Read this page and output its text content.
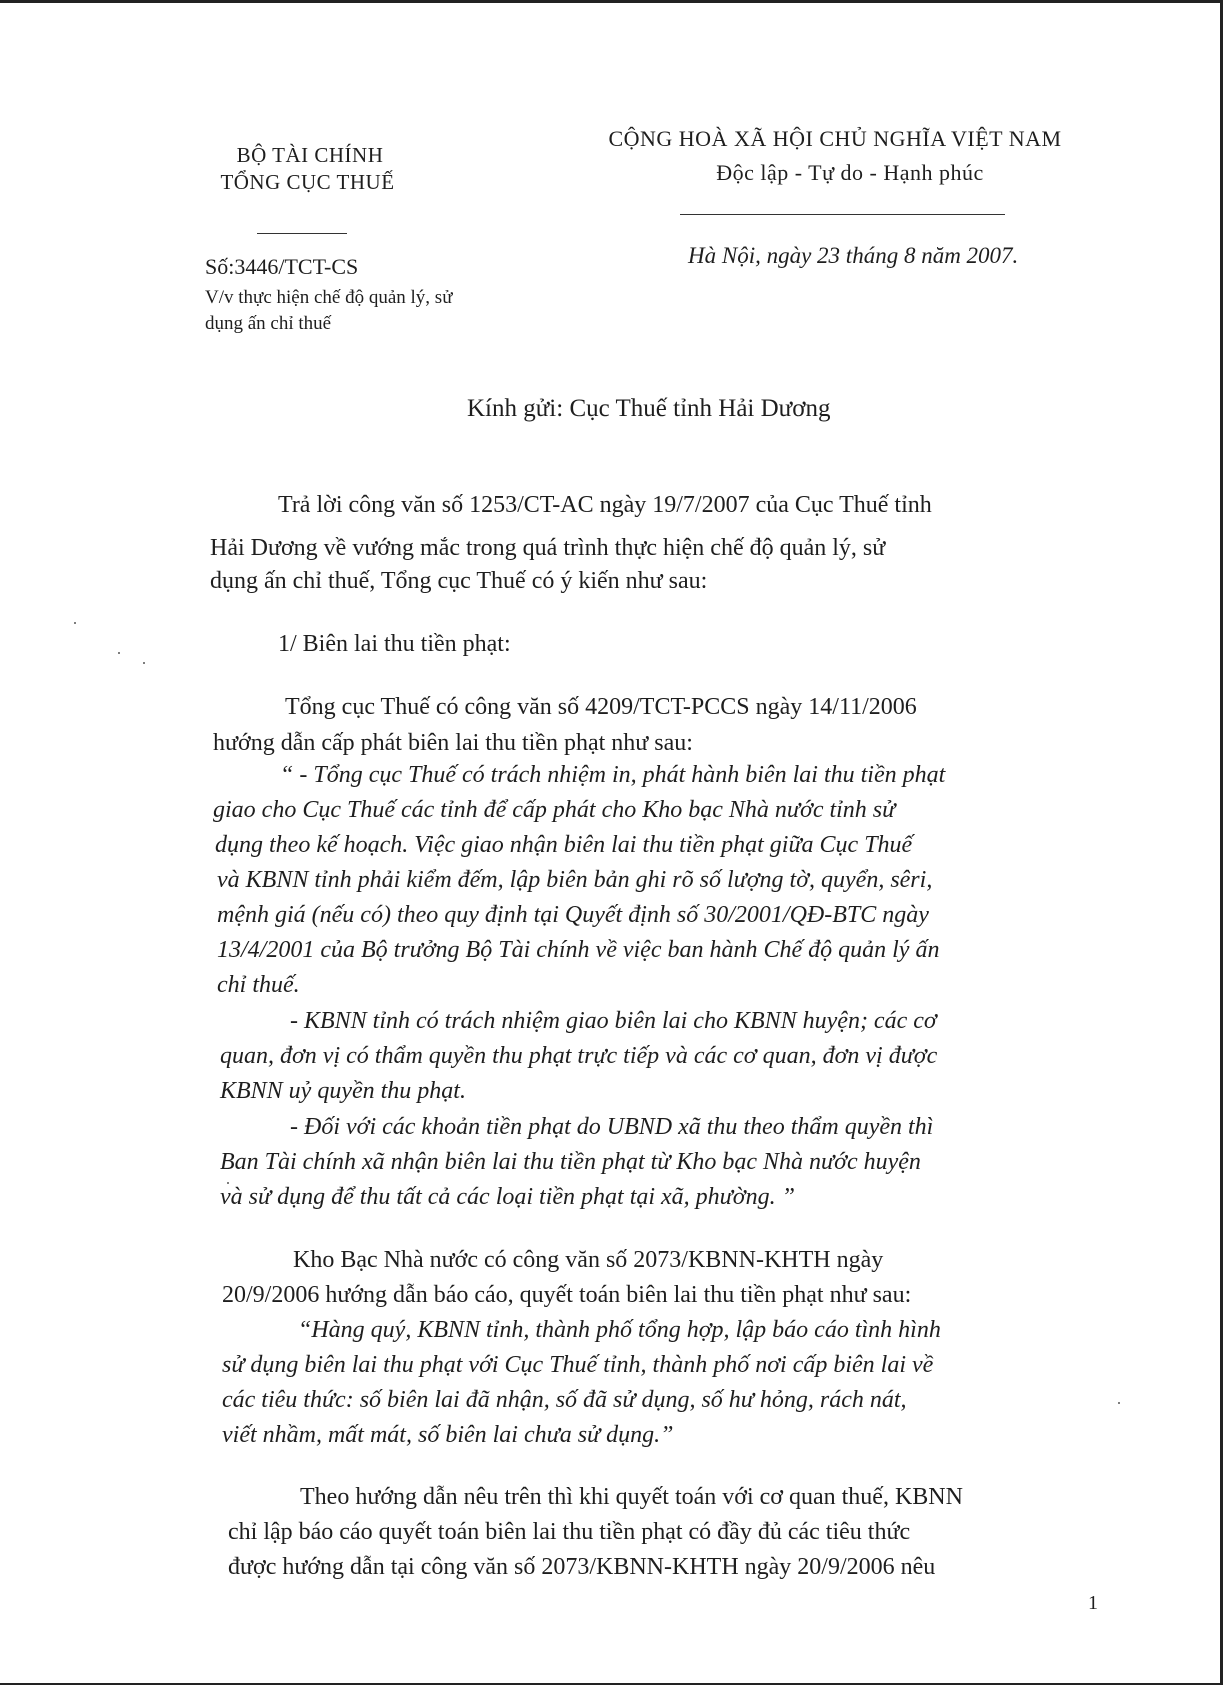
BỘ TÀI CHÍNH
TỔNG CỤC THUẾ
CỘNG HOÀ XÃ HỘI CHỦ NGHĨA VIỆT NAM
Độc lập - Tự do - Hạnh phúc
Số:3446/TCT-CS
V/v thực hiện chế độ quản lý, sử
dụng ấn chỉ thuế
Hà Nội, ngày 23 tháng 8 năm 2007.
Kính gửi: Cục Thuế tỉnh Hải Dương
Trả lời công văn số 1253/CT-AC ngày 19/7/2007 của Cục Thuế tỉnh
Hải Dương về vướng mắc trong quá trình thực hiện chế độ quản lý, sử
dụng ấn chỉ thuế, Tổng cục Thuế có ý kiến như sau:
1/ Biên lai thu tiền phạt:
Tổng cục Thuế có công văn số 4209/TCT-PCCS ngày 14/11/2006
hướng dẫn cấp phát biên lai thu tiền phạt như sau:
“ - Tổng cục Thuế có trách nhiệm in, phát hành biên lai thu tiền phạt
giao cho Cục Thuế các tỉnh để cấp phát cho Kho bạc Nhà nước tỉnh sử
dụng theo kế hoạch. Việc giao nhận biên lai thu tiền phạt giữa Cục Thuế
và KBNN tỉnh phải kiểm đếm, lập biên bản ghi rõ số lượng tờ, quyển, sêri,
mệnh giá (nếu có) theo quy định tại Quyết định số 30/2001/QĐ-BTC ngày
13/4/2001 của Bộ trưởng Bộ Tài chính về việc ban hành Chế độ quản lý ấn
chỉ thuế.
- KBNN tỉnh có trách nhiệm giao biên lai cho KBNN huyện; các cơ
quan, đơn vị có thẩm quyền thu phạt trực tiếp và các cơ quan, đơn vị được
KBNN uỷ quyền thu phạt.
- Đối với các khoản tiền phạt do UBND xã thu theo thẩm quyền thì
Ban Tài chính xã nhận biên lai thu tiền phạt từ Kho bạc Nhà nước huyện
và sử dụng để thu tất cả các loại tiền phạt tại xã, phường. ”
Kho Bạc Nhà nước có công văn số 2073/KBNN-KHTH ngày
20/9/2006 hướng dẫn báo cáo, quyết toán biên lai thu tiền phạt như sau:
“Hàng quý, KBNN tỉnh, thành phố tổng hợp, lập báo cáo tình hình
sử dụng biên lai thu phạt với Cục Thuế tỉnh, thành phố nơi cấp biên lai về
các tiêu thức: số biên lai đã nhận, số đã sử dụng, số hư hỏng, rách nát,
viết nhầm, mất mát, số biên lai chưa sử dụng.”
Theo hướng dẫn nêu trên thì khi quyết toán với cơ quan thuế, KBNN
chỉ lập báo cáo quyết toán biên lai thu tiền phạt có đầy đủ các tiêu thức
được hướng dẫn tại công văn số 2073/KBNN-KHTH ngày 20/9/2006 nêu
1
